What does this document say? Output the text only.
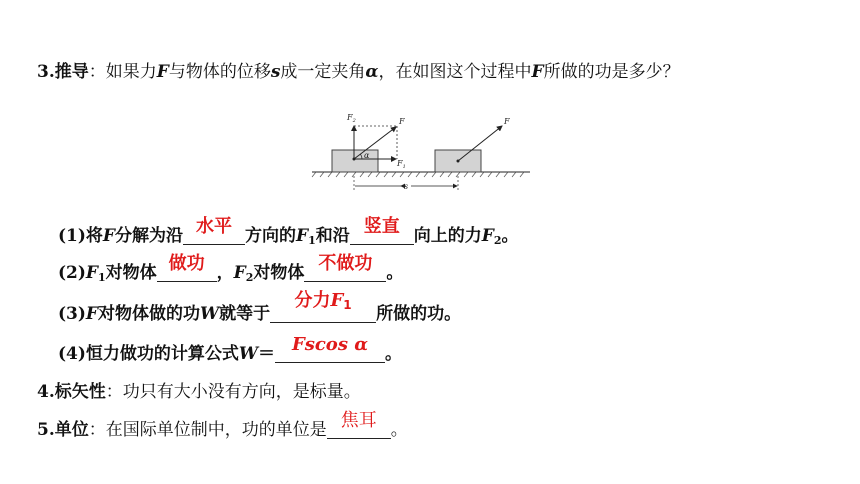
3.推导：如果力F与物体的位移s成一定夹角α，在如图这个过程中F所做的功是多少？
$F_2$	F
α
$F_1$
F
s
(1)将F分解为沿 水平 方向的$F_1$和沿 竖直 向上的力$F_2$。
$(2)F_1$对物体 做功 ，$F_2$对物体 不做功 。
(3)F对物体做的功W就等于
分力F1	所做的功。
(4)恒力做功的计算公式W＝ Fscos α 。
4.标矢性：功只有大小没有方向，是标量。
5.单位：在国际单位制中，功的单位是 焦耳 。
